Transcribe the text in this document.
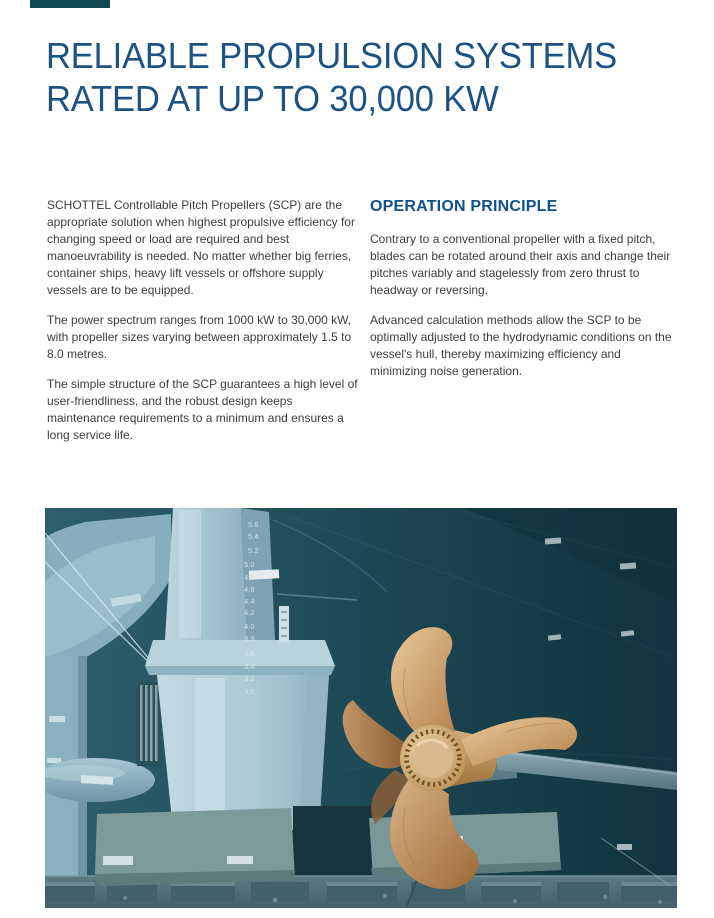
RELIABLE PROPULSION SYSTEMS
RATED AT UP TO 30,000 KW

SCHOTTEL Controllable Pitch Propellers (SCP) are the appropriate solution when highest propulsive efficiency for changing speed or load are required and best manoeuvrability is needed. No matter whether big ferries, container ships, heavy lift vessels or offshore supply vessels are to be equipped.

The power spectrum ranges from 1000 kW to 30,000 kW, with propeller sizes varying between approximately 1.5 to 8.0 metres.

The simple structure of the SCP guarantees a high level of user-friendliness, and the robust design keeps maintenance requirements to a minimum and ensures a long service life.

OPERATION PRINCIPLE

Contrary to a conventional propeller with a fixed pitch, blades can be rotated around their axis and change their pitches variably and stagelessly from zero thrust to headway or reversing.

Advanced calculation methods allow the SCP to be optimally adjusted to the hydrodynamic conditions on the vessel's hull, thereby maximizing efficiency and minimizing noise generation.

5.6
5.4
5.2
5.0
4.8
4.6
4.4
4.2
4.0
3.8
3.6
3.4
3.2
3.0
